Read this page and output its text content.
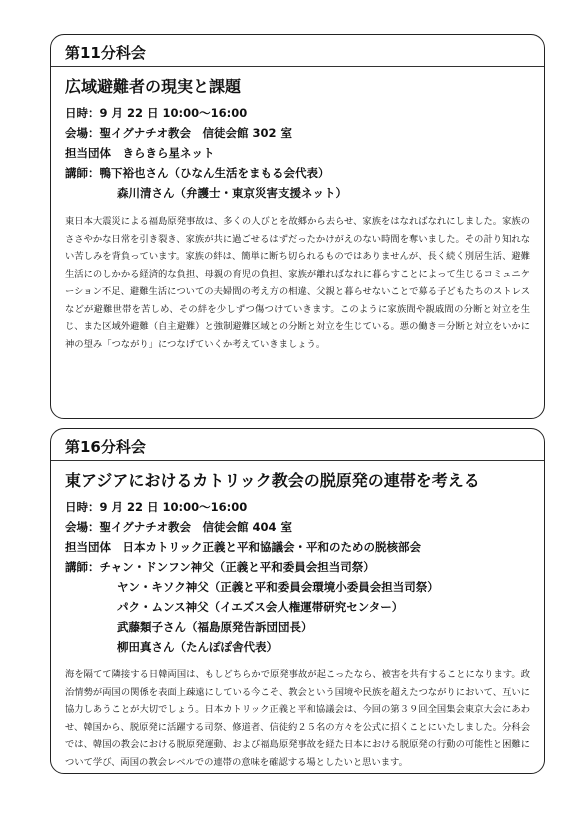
第11分科会
広域避難者の現実と課題
日時：9 月 22 日 10:00～16:00
会場：聖イグナチオ教会　信徒会館 302 室
担当団体　きらきら星ネット
講師：鴨下裕也さん（ひなん生活をまもる会代表）
森川清さん（弁護士・東京災害支援ネット）
東日本大震災による福島原発事故は、多くの人びとを故郷から去らせ、家族をはなればなれにしました。家族のささやかな日常を引き裂き、家族が共に過ごせるはずだったかけがえのない時間を奪いました。その計り知れない苦しみを背負っています。家族の絆は、簡単に断ち切られるものではありませんが、長く続く別居生活、避難生活にのしかかる経済的な負担、母親の育児の負担、家族が離ればなれに暮らすことによって生じるコミュニケーション不足、避難生活についての夫婦間の考え方の相違、父親と暮らせないことで募る子どもたちのストレスなどが避難世帯を苦しめ、その絆を少しずつ傷つけていきます。このように家族間や親戚間の分断と対立を生じ、また区域外避難（自主避難）と強制避難区域との分断と対立を生じている。悪の働き＝分断と対立をいかに神の望み「つながり」につなげていくか考えていきましょう。
第16分科会
東アジアにおけるカトリック教会の脱原発の連帯を考える
日時：9 月 22 日 10:00～16:00
会場：聖イグナチオ教会　信徒会館 404 室
担当団体　日本カトリック正義と平和協議会・平和のための脱核部会
講師：チャン・ドンフン神父（正義と平和委員会担当司祭）
ヤン・キソク神父（正義と平和委員会環境小委員会担当司祭）
パク・ムンス神父（イエズス会人権運帯研究センター）
武藤類子さん（福島原発告訴団団長）
柳田真さん（たんぽぽ舎代表）
海を隔てて隣接する日韓両国は、もしどちらかで原発事故が起こったなら、被害を共有することになります。政治情勢が両国の関係を表面上疎遠にしている今こそ、教会という国境や民族を超えたつながりにおいて、互いに協力しあうことが大切でしょう。日本カトリック正義と平和協議会は、今回の第３９回全国集会東京大会にあわせ、韓国から、脱原発に活躍する司祭、修道者、信徒約２５名の方々を公式に招くことにいたしました。分科会では、韓国の教会における脱原発運動、および福島原発事故を経た日本における脱原発の行動の可能性と困難について学び、両国の教会レベルでの連帯の意味を確認する場としたいと思います。
